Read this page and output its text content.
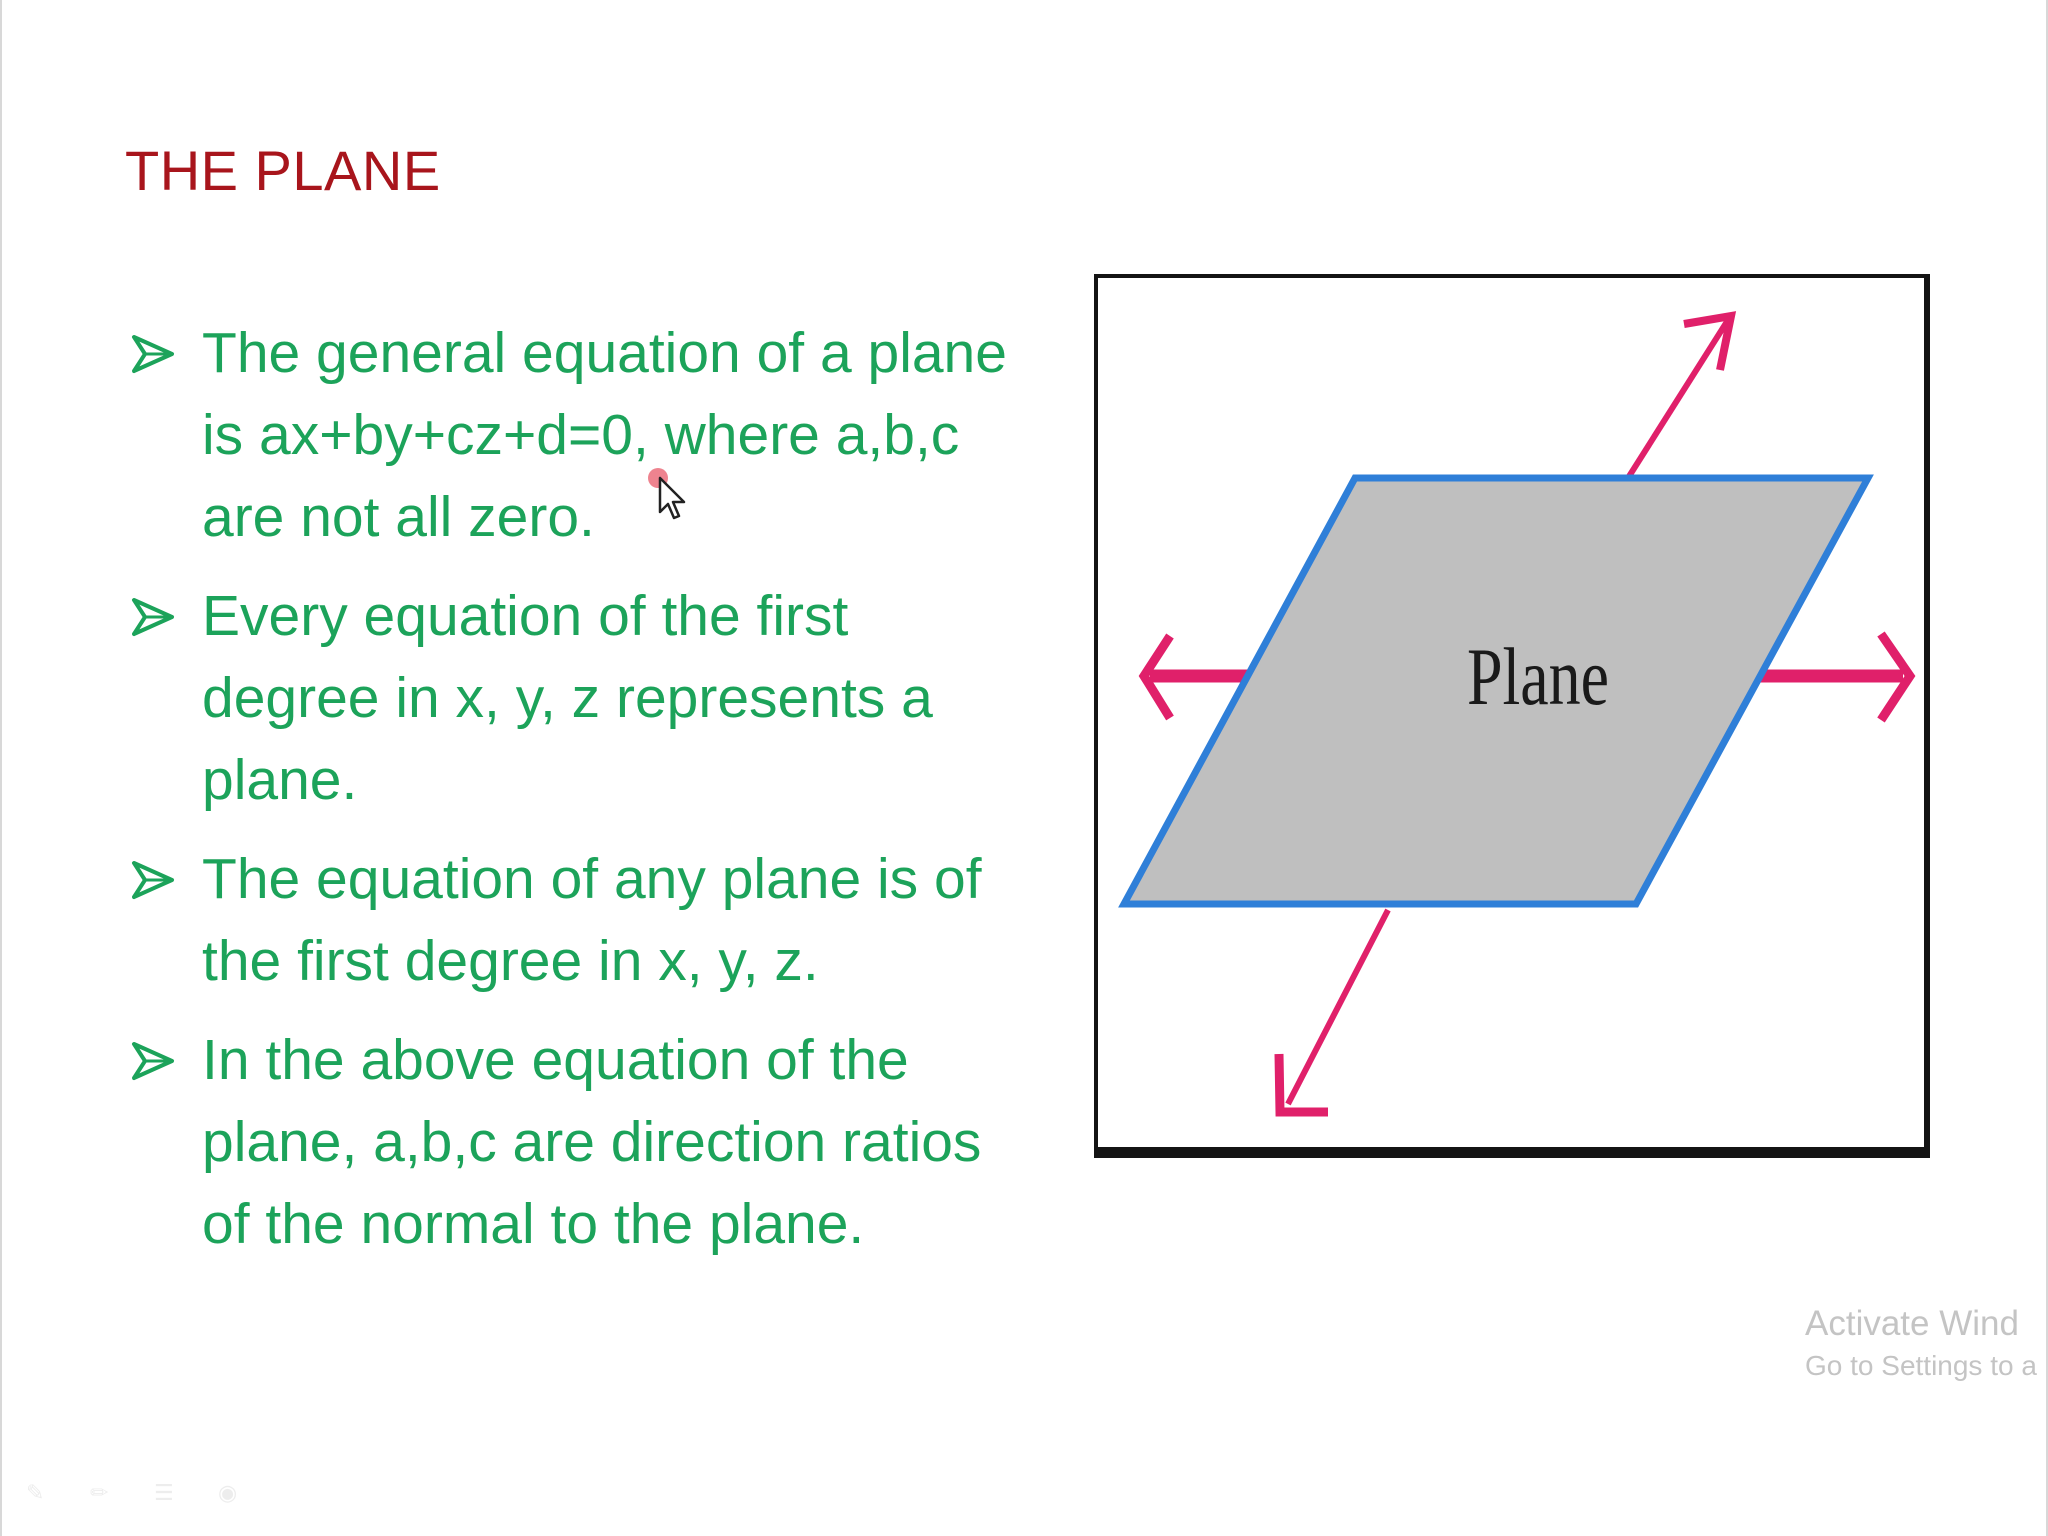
THE PLANE
The general equation of a plane is ax+by+cz+d=0, where a,b,c are not all zero.
Every equation of the first degree in x, y, z represents a plane.
The equation of any plane is of the first degree in x, y, z.
In the above equation of the plane, a,b,c are direction ratios of the normal to the plane.
Plane
Activate Wind
Go to Settings to a
✎	✏	☰	◉
